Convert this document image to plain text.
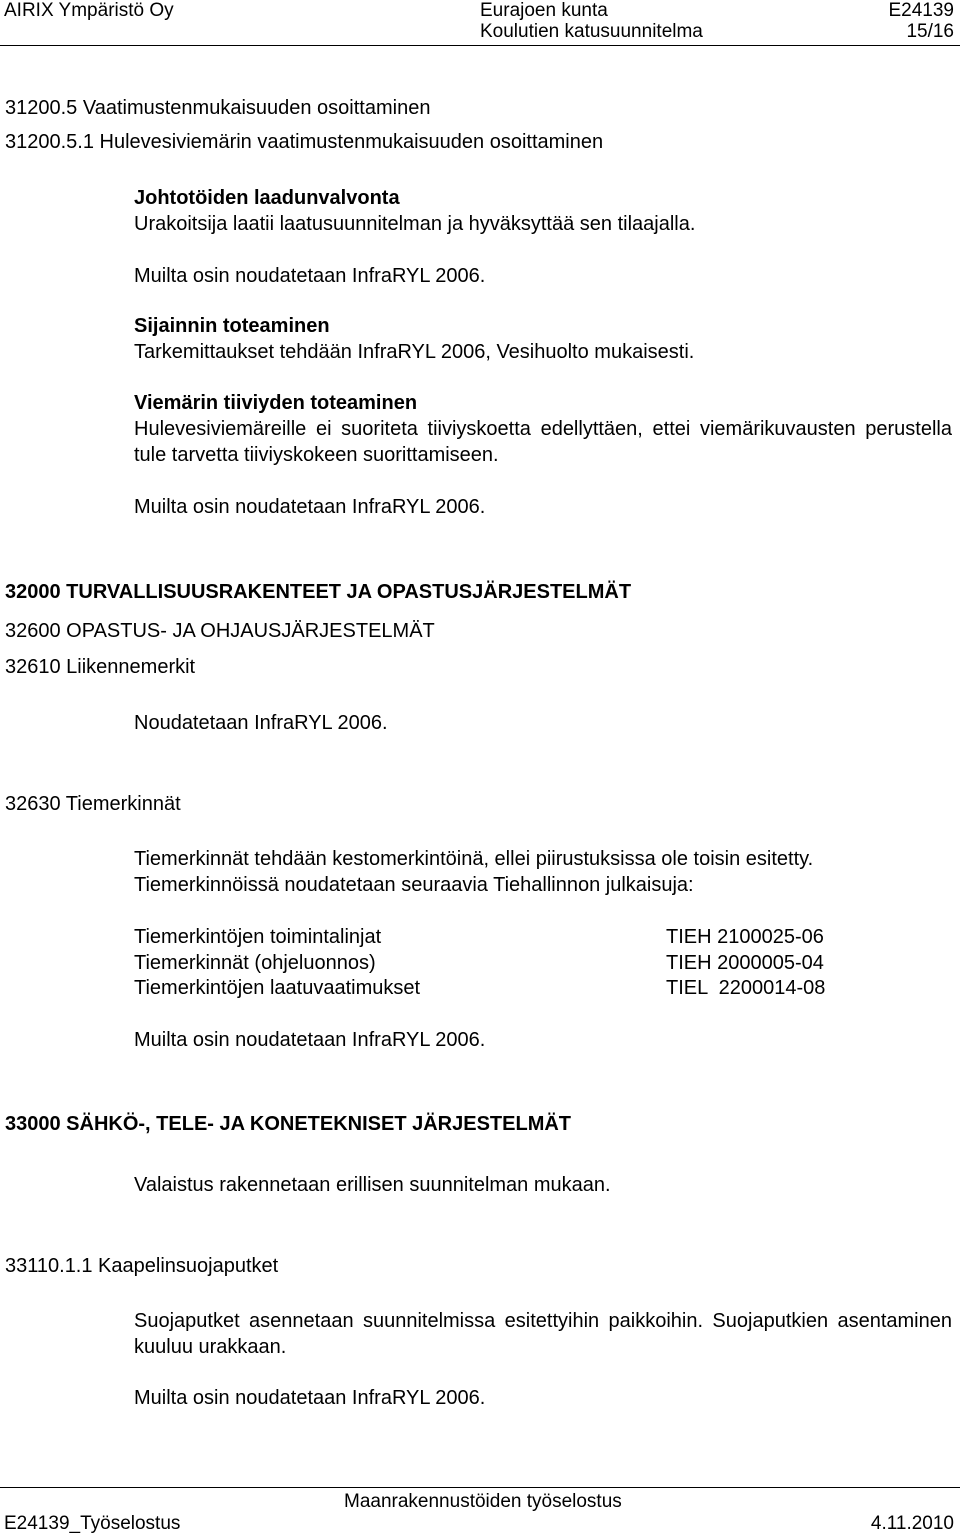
AIRIX Ympäristö Oy	Eurajoen kunta	E24139
Koulutien katusuunnitelma	15/16
31200.5 Vaatimustenmukaisuuden osoittaminen
31200.5.1 Hulevesiviemärin vaatimustenmukaisuuden osoittaminen
Johtotöiden laadunvalvonta
Urakoitsija laatii laatusuunnitelman ja hyväksyttää sen tilaajalla.
Muilta osin noudatetaan InfraRYL 2006.
Sijainnin toteaminen
Tarkemittaukset tehdään InfraRYL 2006, Vesihuolto mukaisesti.
Viemärin tiiviyden toteaminen
Hulevesiviemäreille ei suoriteta tiiviyskoetta edellyttäen, ettei viemärikuvausten perustella tule tarvetta tiiviyskokeen suorittamiseen.
Muilta osin noudatetaan InfraRYL 2006.
32000 TURVALLISUUSRAKENTEET JA OPASTUSJÄRJESTELMÄT
32600 OPASTUS- JA OHJAUSJÄRJESTELMÄT
32610 Liikennemerkit
Noudatetaan InfraRYL 2006.
32630 Tiemerkinnät
Tiemerkinnät tehdään kestomerkintöinä, ellei piirustuksissa ole toisin esitetty.
Tiemerkinnöissä noudatetaan seuraavia Tiehallinnon julkaisuja:
Tiemerkintöjen toimintalinjat	TIEH 2100025-06
Tiemerkinnät (ohjeluonnos)	TIEH 2000005-04
Tiemerkintöjen laatuvaatimukset	TIEL  2200014-08
Muilta osin noudatetaan InfraRYL 2006.
33000 SÄHKÖ-, TELE- JA KONETEKNISET JÄRJESTELMÄT
Valaistus rakennetaan erillisen suunnitelman mukaan.
33110.1.1 Kaapelinsuojaputket
Suojaputket asennetaan suunnitelmissa esitettyihin paikkoihin. Suojaputkien asentaminen kuuluu urakkaan.
Muilta osin noudatetaan InfraRYL 2006.
Maanrakennustöiden työselostus
E24139_Työselostus	4.11.2010
